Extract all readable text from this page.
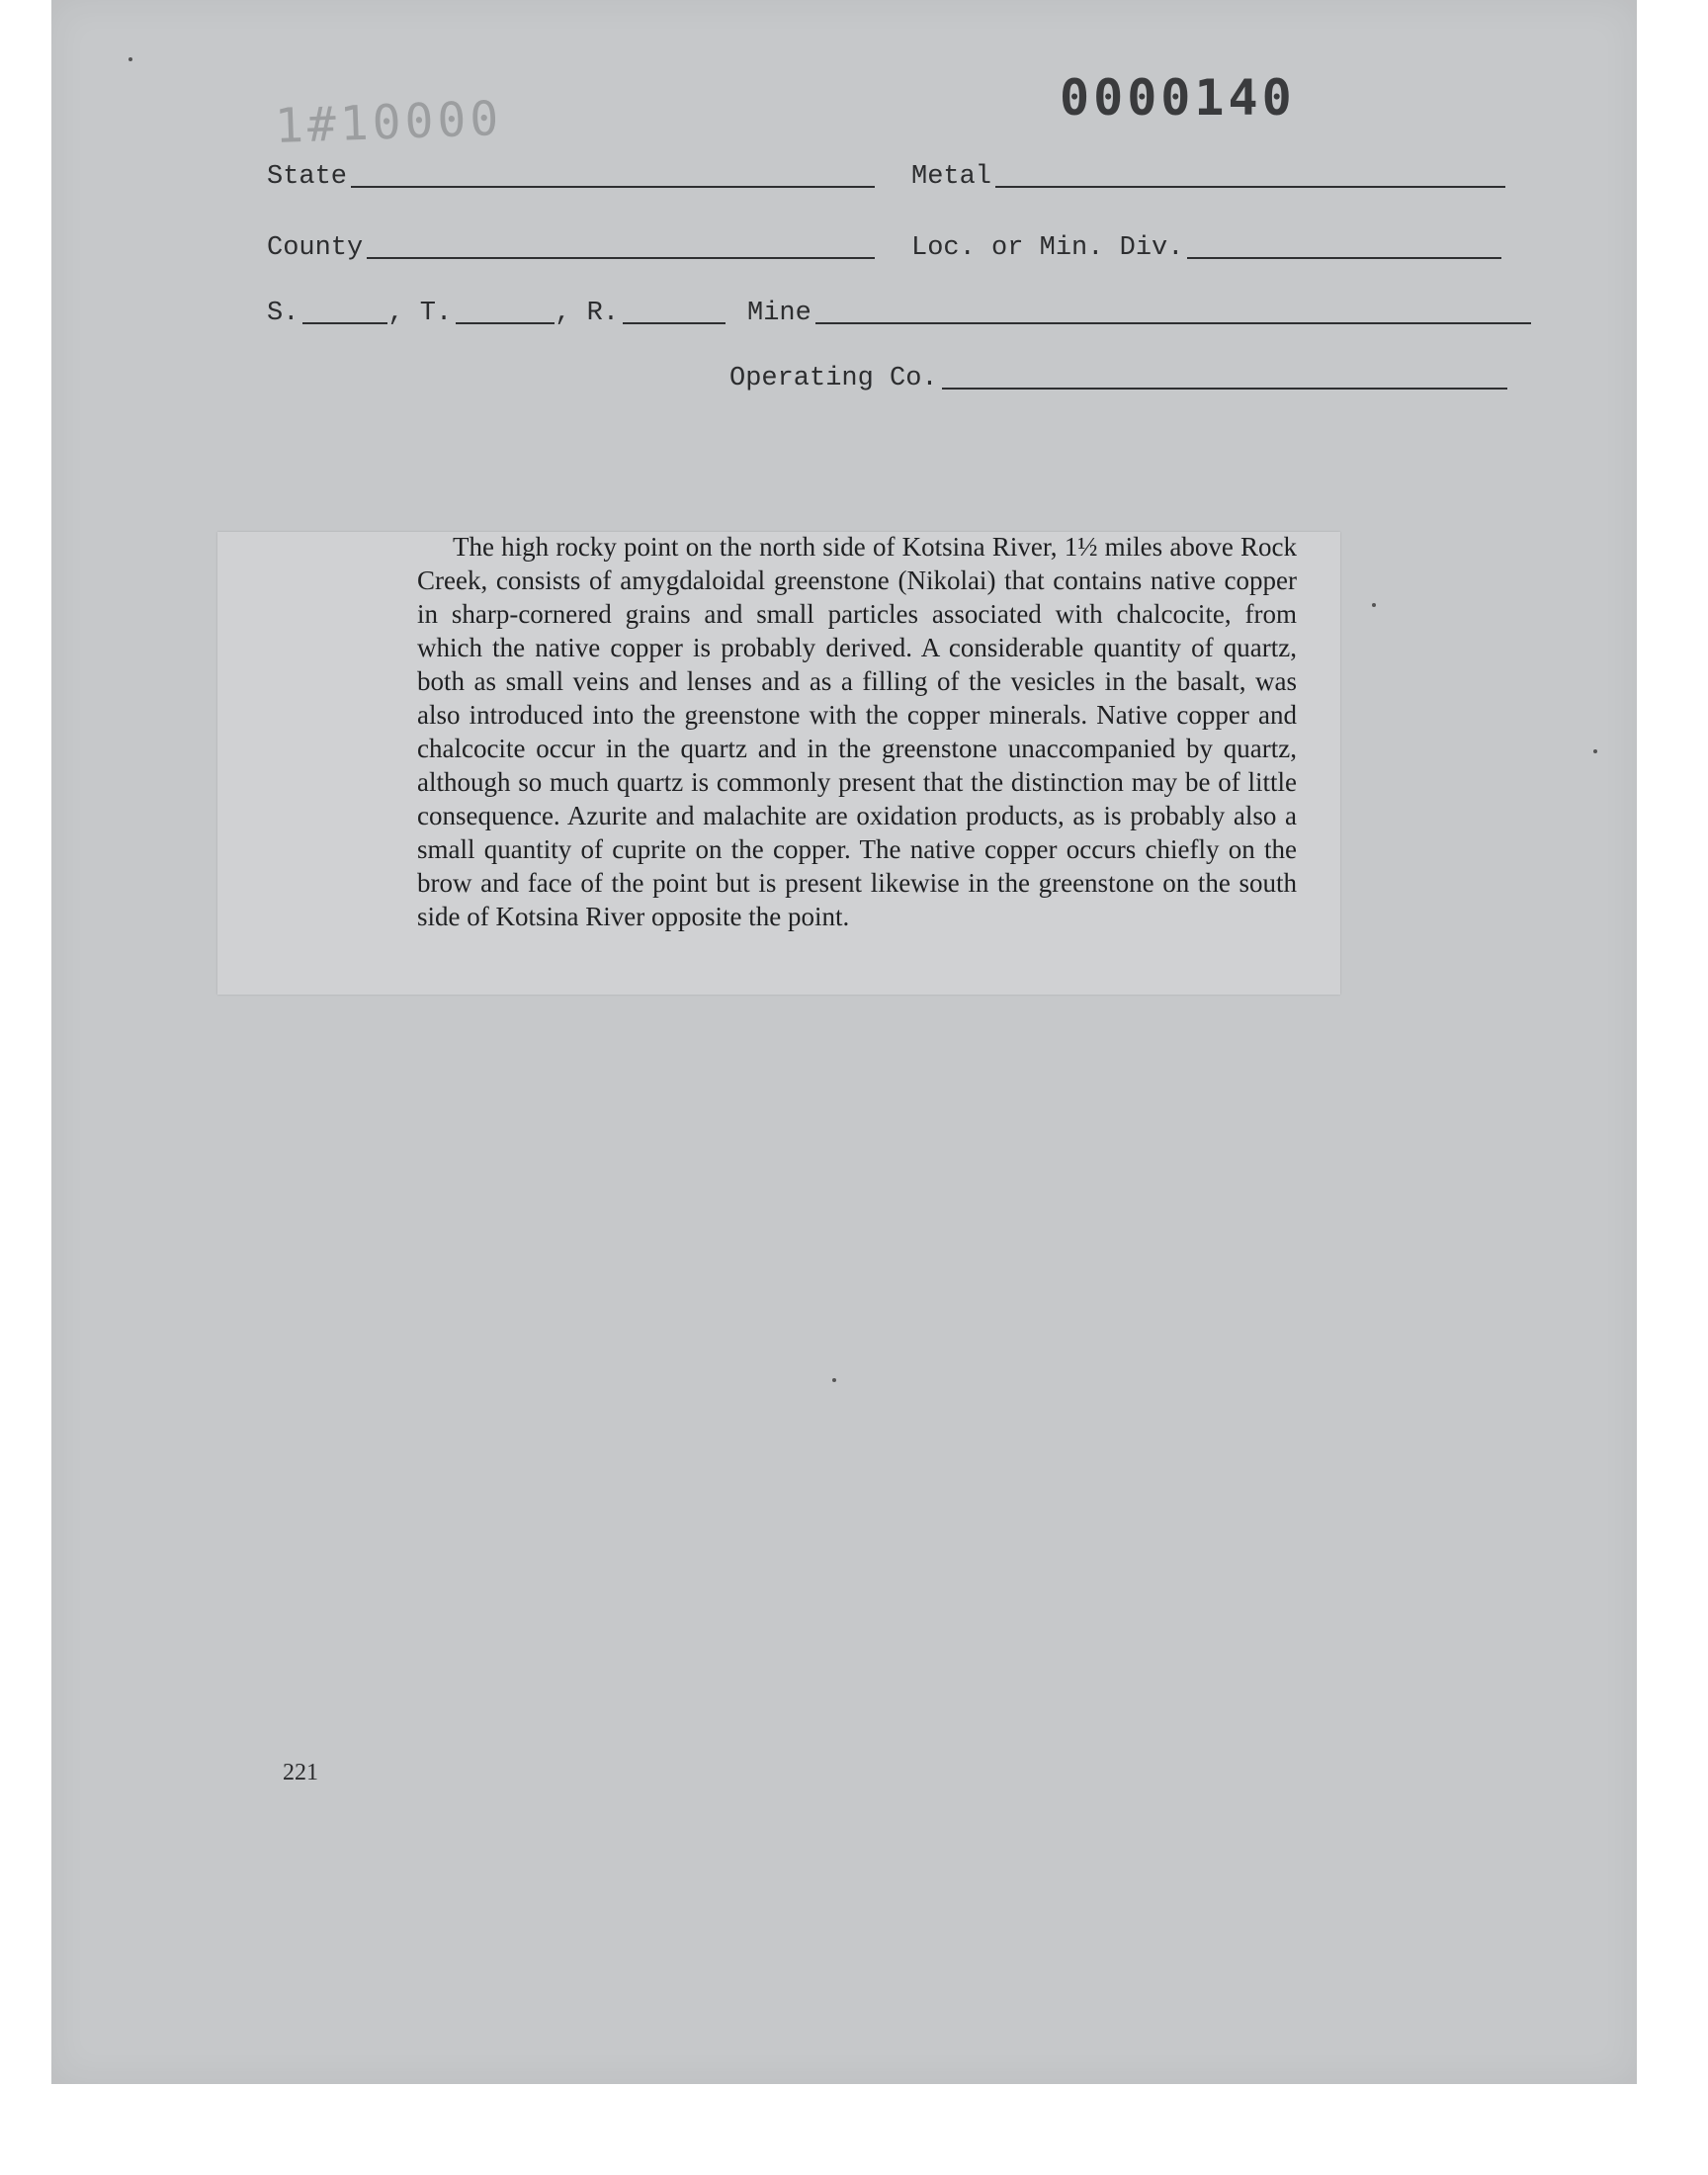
1#10000	0000140
State	Metal
County	Loc. or Min. Div.
S.	, T.	, R.	Mine
Operating Co.

The high rocky point on the north side of Kotsina River, 1½ miles above Rock Creek, consists of amygdaloidal greenstone (Nikolai) that contains native copper in sharp-cornered grains and small particles associated with chalcocite, from which the native copper is probably derived. A considerable quantity of quartz, both as small veins and lenses and as a filling of the vesicles in the basalt, was also introduced into the greenstone with the copper minerals. Native copper and chalcocite occur in the quartz and in the greenstone unaccompanied by quartz, although so much quartz is commonly present that the distinction may be of little consequence. Azurite and malachite are oxidation products, as is probably also a small quantity of cuprite on the copper. The native copper occurs chiefly on the brow and face of the point but is present likewise in the greenstone on the south side of Kotsina River opposite the point.

221
